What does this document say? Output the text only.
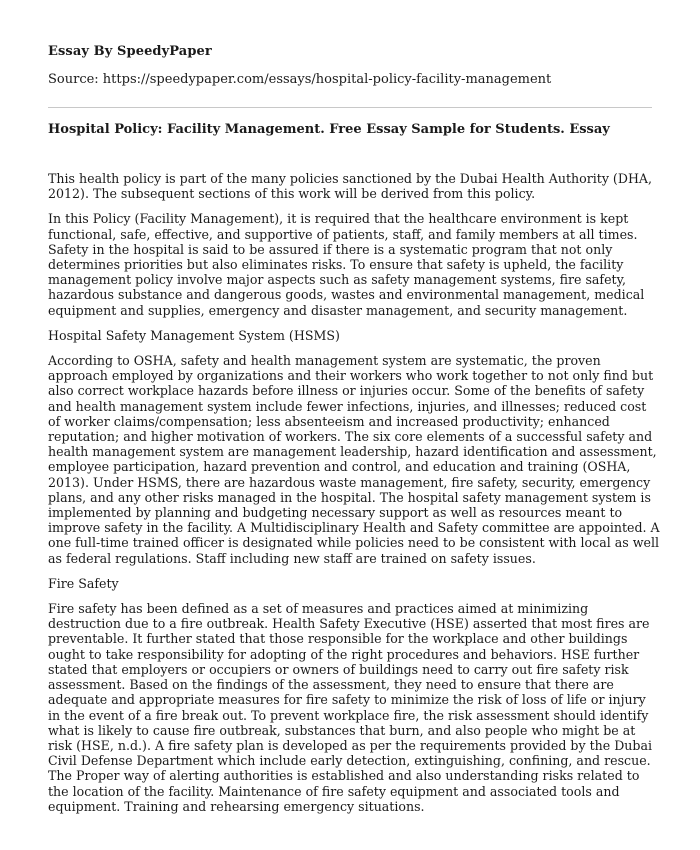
Essay By SpeedyPaper
Source: https://speedypaper.com/essays/hospital-policy-facility-management
Hospital Policy: Facility Management. Free Essay Sample for Students. Essay

This health policy is part of the many policies sanctioned by the Dubai Health Authority (DHA, 2012). The subsequent sections of this work will be derived from this policy.

In this Policy (Facility Management), it is required that the healthcare environment is kept functional, safe, effective, and supportive of patients, staff, and family members at all times. Safety in the hospital is said to be assured if there is a systematic program that not only determines priorities but also eliminates risks. To ensure that safety is upheld, the facility management policy involve major aspects such as safety management systems, fire safety, hazardous substance and dangerous goods, wastes and environmental management, medical equipment and supplies, emergency and disaster management, and security management.

Hospital Safety Management System (HSMS)

According to OSHA, safety and health management system are systematic, the proven approach employed by organizations and their workers who work together to not only find but also correct workplace hazards before illness or injuries occur. Some of the benefits of safety and health management system include fewer infections, injuries, and illnesses; reduced cost of worker claims/compensation; less absenteeism and increased productivity; enhanced reputation; and higher motivation of workers. The six core elements of a successful safety and health management system are management leadership, hazard identification and assessment, employee participation, hazard prevention and control, and education and training (OSHA, 2013). Under HSMS, there are hazardous waste management, fire safety, security, emergency plans, and any other risks managed in the hospital. The hospital safety management system is implemented by planning and budgeting necessary support as well as resources meant to improve safety in the facility. A Multidisciplinary Health and Safety committee are appointed. A one full-time trained officer is designated while policies need to be consistent with local as well as federal regulations. Staff including new staff are trained on safety issues.

Fire Safety

Fire safety has been defined as a set of measures and practices aimed at minimizing destruction due to a fire outbreak. Health Safety Executive (HSE) asserted that most fires are preventable. It further stated that those responsible for the workplace and other buildings ought to take responsibility for adopting of the right procedures and behaviors. HSE further stated that employers or occupiers or owners of buildings need to carry out fire safety risk assessment. Based on the findings of the assessment, they need to ensure that there are adequate and appropriate measures for fire safety to minimize the risk of loss of life or injury in the event of a fire break out. To prevent workplace fire, the risk assessment should identify what is likely to cause fire outbreak, substances that burn, and also people who might be at risk (HSE, n.d.). A fire safety plan is developed as per the requirements provided by the Dubai Civil Defense Department which include early detection, extinguishing, confining, and rescue. The Proper way of alerting authorities is established and also understanding risks related to the location of the facility. Maintenance of fire safety equipment and associated tools and equipment. Training and rehearsing emergency situations.
